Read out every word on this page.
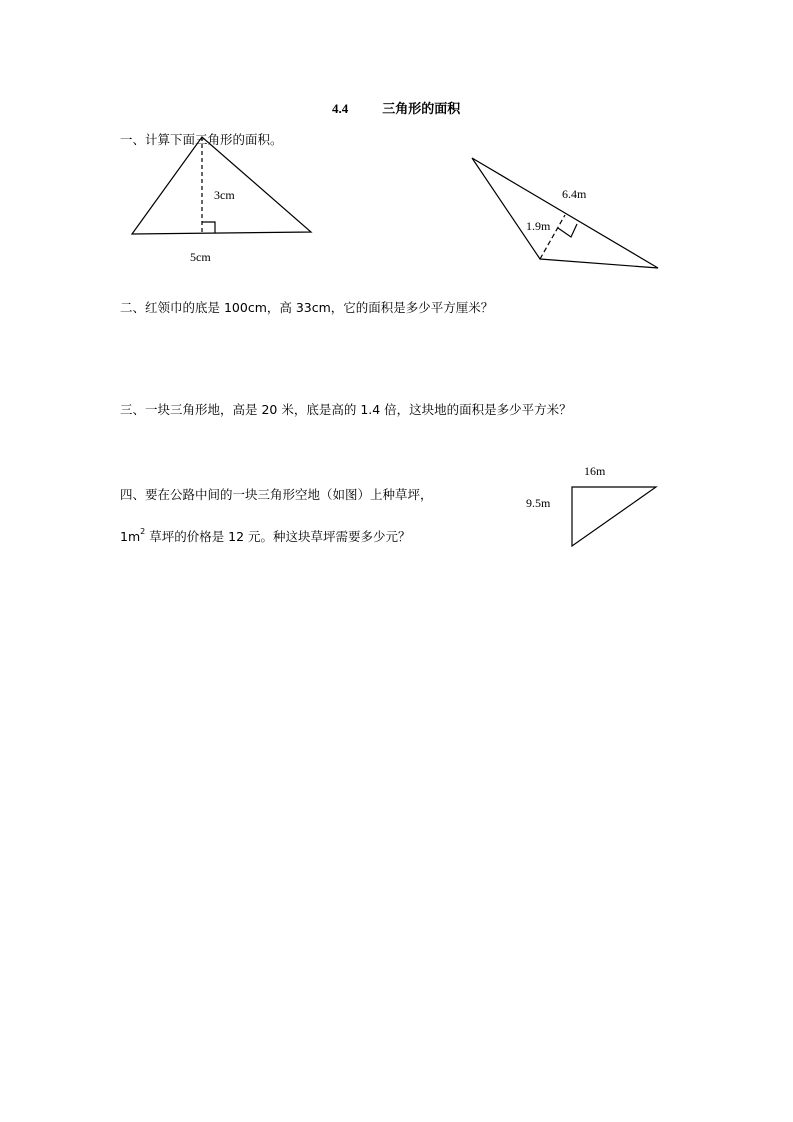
4.4	三角形的面积
一、计算下面三角形的面积。
3cm
5cm
6.4m
1.9m
二、红领巾的底是 100cm，高 33cm，它的面积是多少平方厘米？
三、一块三角形地，高是 20 米，底是高的 1.4 倍，这块地的面积是多少平方米？
16m
9.5m
四、要在公路中间的一块三角形空地（如图）上种草坪，
$1m^2$ 草坪的价格是 12 元。种这块草坪需要多少元？
